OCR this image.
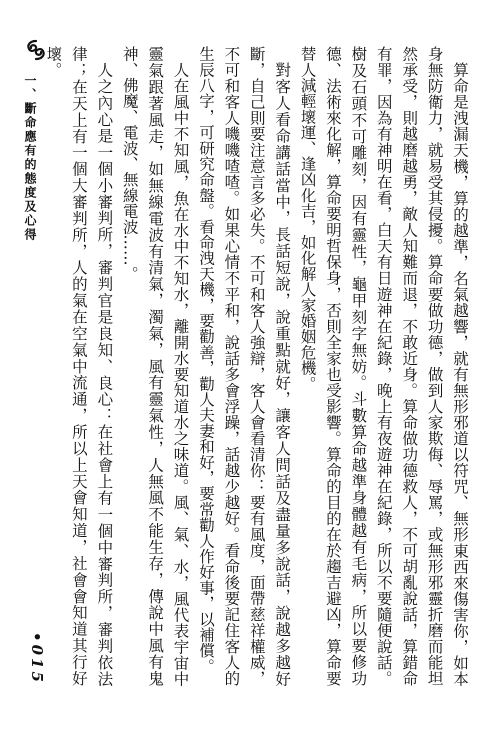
一、斷命應有的態度及心得	算命是洩漏天機，算的越準，名氣越響，就有無形邪道以符咒、無形東西來傷害你，如本身無防衛力，就易受其侵擾。算命要做功德，做到人家欺侮、辱罵，或無形邪靈折磨而能坦然承受，則越磨越勇，敵人知難而退，不敢近身。算命做功德救人，不可胡亂說話，算錯命有罪，因為有神明在看，白天有日遊神在紀錄，晚上有夜遊神在紀錄，所以不要隨便說話。樹及石頭不可雕刻，因有靈性，龜甲刻字無妨。斗數算命越準身體越有毛病，所以要修功德、法術來化解，算命要明哲保身，否則全家也受影響。算命的目的在於趨吉避凶，算命要替人減輕壞運、逢凶化吉，如化解人家婚姻危機。

對客人看命講話當中，長話短說，說重點就好，讓客人問話及盡量多說話，說越多越好斷，自己則要注意言多必失。不可和客人強辯，客人會看清你：要有風度，面帶慈祥權威，不可和客人嘰嘰喳喳。如果心情不平和，說話多會浮躁，話越少越好。看命後要記住客人的生辰八字，可研究命盤。看命洩天機，要勸善，勸人夫妻和好，要常勸人作好事，以補償。

人在風中不知風，魚在水中不知水，離開水要知道水之味道。風、氣、水，風代表宇宙中靈氣跟著風走，如無線電波有清氣，濁氣，風有靈氣性，人無風不能生存，傳說中風有鬼神、佛魔、電波、無線電波……。

人之內心是一個小審判所，審判官是良知、良心：在社會上有一個中審判所，審判依法律；在天上有一個大審判所，人的氣在空氣中流通，所以上天會知道，社會會知道其行好壞。

•015
